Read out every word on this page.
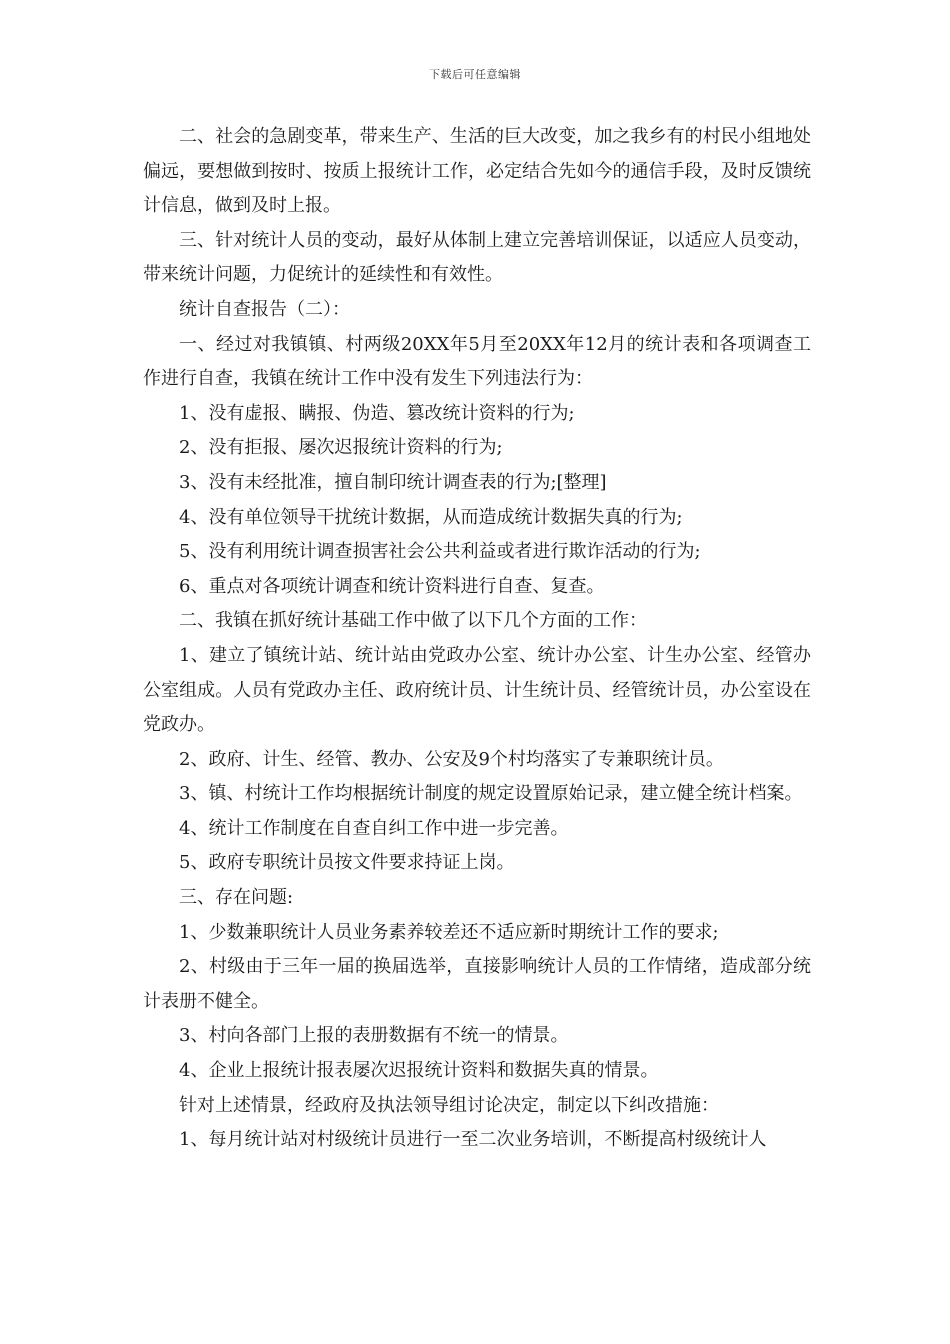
下载后可任意编辑

二、社会的急剧变革，带来生产、生活的巨大改变，加之我乡有的村民小组地处偏远，要想做到按时、按质上报统计工作，必定结合先如今的通信手段，及时反馈统计信息，做到及时上报。

三、针对统计人员的变动，最好从体制上建立完善培训保证，以适应人员变动，带来统计问题，力促统计的延续性和有效性。

统计自查报告（二）：

一、经过对我镇镇、村两级20XX年5月至20XX年12月的统计表和各项调查工作进行自查，我镇在统计工作中没有发生下列违法行为：

1、没有虚报、瞒报、伪造、篡改统计资料的行为;

2、没有拒报、屡次迟报统计资料的行为;

3、没有未经批准，擅自制印统计调查表的行为;[整理]

4、没有单位领导干扰统计数据，从而造成统计数据失真的行为;

5、没有利用统计调查损害社会公共利益或者进行欺诈活动的行为;

6、重点对各项统计调查和统计资料进行自查、复查。

二、我镇在抓好统计基础工作中做了以下几个方面的工作：

1、建立了镇统计站、统计站由党政办公室、统计办公室、计生办公室、经管办公室组成。人员有党政办主任、政府统计员、计生统计员、经管统计员，办公室设在党政办。

2、政府、计生、经管、教办、公安及9个村均落实了专兼职统计员。

3、镇、村统计工作均根据统计制度的规定设置原始记录，建立健全统计档案。

4、统计工作制度在自查自纠工作中进一步完善。

5、政府专职统计员按文件要求持证上岗。

三、存在问题:

1、少数兼职统计人员业务素养较差还不适应新时期统计工作的要求;

2、村级由于三年一届的换届选举，直接影响统计人员的工作情绪，造成部分统计表册不健全。

3、村向各部门上报的表册数据有不统一的情景。

4、企业上报统计报表屡次迟报统计资料和数据失真的情景。

针对上述情景，经政府及执法领导组讨论决定，制定以下纠改措施：

1、每月统计站对村级统计员进行一至二次业务培训，不断提高村级统计人
